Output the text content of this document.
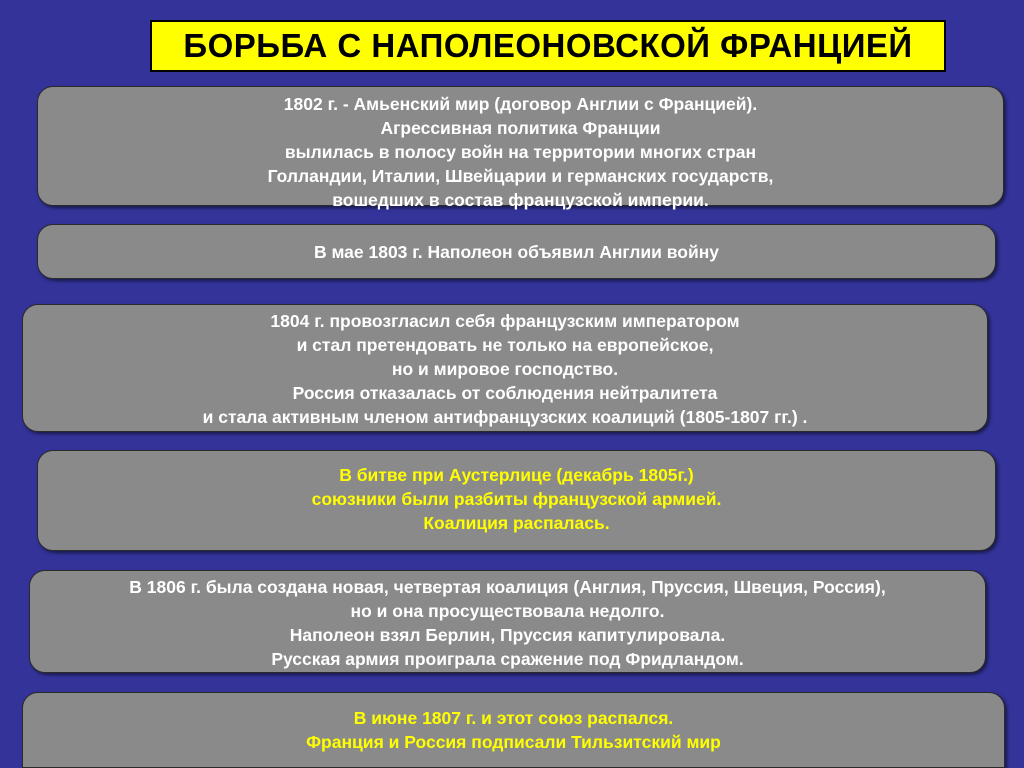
БОРЬБА С НАПОЛЕОНОВСКОЙ ФРАНЦИЕЙ
1802 г. - Амьенский мир (договор Англии с Францией).
Агрессивная политика Франции
вылилась в полосу войн на территории многих стран
Голландии, Италии, Швейцарии и германских государств,
вошедших в состав французской империи.
В мае 1803 г. Наполеон объявил Англии войну
1804 г. провозгласил себя французским императором
и стал претендовать не только на европейское,
но и мировое господство.
Россия отказалась от соблюдения нейтралитета
и стала активным членом антифранцузских коалиций (1805-1807 гг.) .
В битве при Аустерлице (декабрь 1805г.)
союзники были разбиты французской армией.
Коалиция распалась.
В 1806 г. была создана новая, четвертая коалиция (Англия, Пруссия, Швеция, Россия),
но и она просуществовала недолго.
Наполеон взял Берлин, Пруссия капитулировала.
Русская армия проиграла сражение под Фридландом.
В июне 1807 г. и этот союз распался.
Франция и Россия подписали Тильзитский мир
